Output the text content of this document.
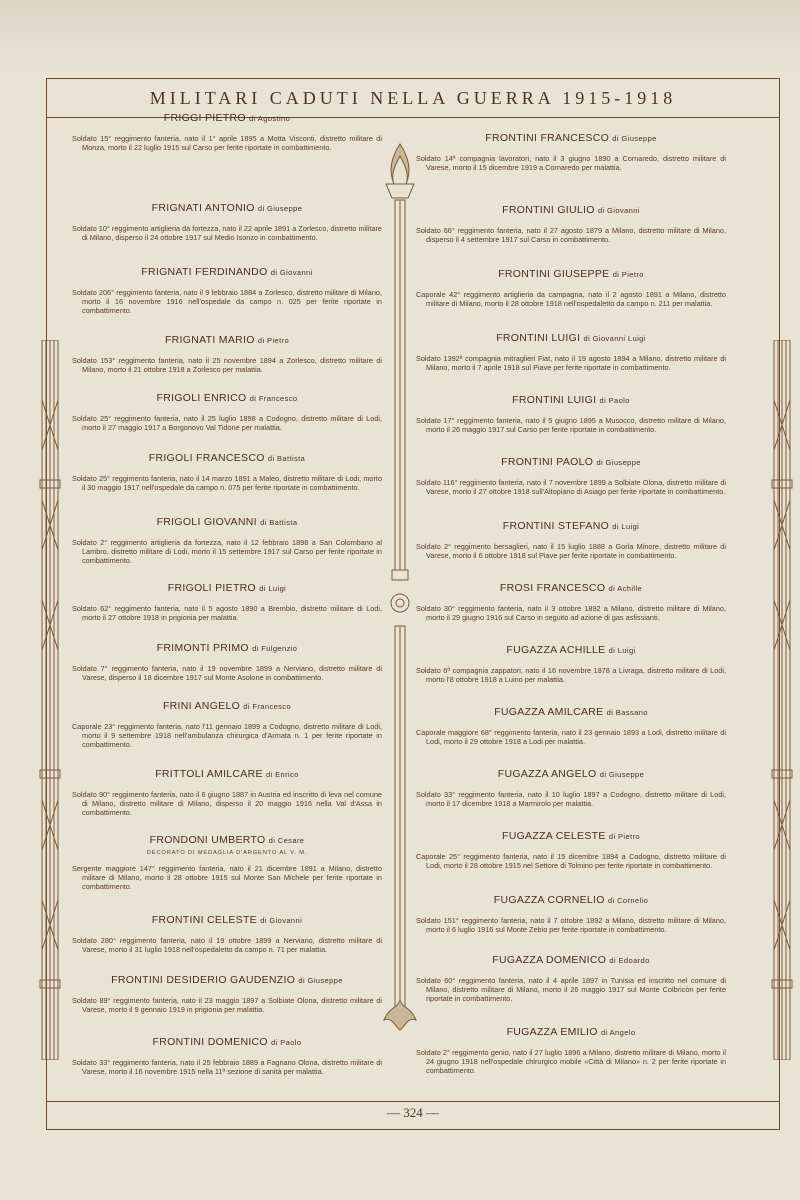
MILITARI CADUTI NELLA GUERRA 1915-1918
— 324 —

FRIGGI PIETRO di Agostino

Soldato 15° reggimento fanteria, nato il 1° aprile 1895 a Motta Visconti, distretto militare di Monza, morto il 22 luglio 1915 sul Carso per ferite riportate in combattimento.

FRIGNATI ANTONIO di Giuseppe

Soldato 10° reggimento artiglieria da fortezza, nato il 22 aprile 1891 a Zorlesco, distretto militare di Milano, disperso il 24 ottobre 1917 sul Medio Isonzo in combattimento.

FRIGNATI FERDINANDO di Giovanni

Soldato 206° reggimento fanteria, nato il 9 febbraio 1884 a Zorlesco, distretto militare di Milano, morto il 16 novembre 1916 nell'ospedale da campo n. 025 per ferite riportate in combattimento.

FRIGNATI MARIO di Pietro

Soldato 153° reggimento fanteria, nato il 25 novembre 1894 a Zorlesco, distretto militare di Milano, morto il 21 ottobre 1918 a Zorlesco per malattia.

FRIGOLI ENRICO di Francesco

Soldato 25° reggimento fanteria, nato il 25 luglio 1898 a Codogno, distretto militare di Lodi, morto il 27 maggio 1917 a Borgonovo Val Tidone per malattia.

FRIGOLI FRANCESCO di Battista

Soldato 25° reggimento fanteria, nato il 14 marzo 1891 a Maleo, distretto militare di Lodi, morto il 30 maggio 1917 nell'ospedale da campo n. 075 per ferite riportate in combattimento.

FRIGOLI GIOVANNI di Battista

Soldato 2° reggimento artiglieria da fortezza, nato il 12 febbraio 1898 a San Colombano al Lambro, distretto militare di Lodi, morto il 15 settembre 1917 sul Carso per ferite riportate in combattimento.

FRIGOLI PIETRO di Luigi

Soldato 62° reggimento fanteria, nato il 5 agosto 1890 a Brembio, distretto militare di Lodi, morto il 27 ottobre 1918 in prigionia per malattia.

FRIMONTI PRIMO di Fulgenzio

Soldato 7° reggimento fanteria, nato il 19 novembre 1899 a Nerviano, distretto militare di Varese, disperso il 18 dicembre 1917 sul Monte Asolone in combattimento.

FRINI ANGELO di Francesco

Caporale 23° reggimento fanteria, nato l'11 gennaio 1899 a Codogno, distretto militare di Lodi, morto il 9 settembre 1918 nell'ambulanza chirurgica d'Armata n. 1 per ferite riportate in combattimento.

FRITTOLI AMILCARE di Enrico

Soldato 90° reggimento fanteria, nato il 6 giugno 1887 in Austria ed inscritto di leva nel comune di Milano, distretto militare di Milano, disperso il 20 maggio 1916 nella Val d'Assa in combattimento.

FRONDONI UMBERTO di Cesare

DECORATO DI MEDAGLIA D'ARGENTO AL V. M.

Sergente maggiore 147° reggimento fanteria, nato il 21 dicembre 1891 a Milano, distretto militare di Milano, morto il 28 ottobre 1915 sul Monte San Michele per ferite riportate in combattimento.

FRONTINI CELESTE di Giovanni

Soldato 280° reggimento fanteria, nato il 19 ottobre 1899 a Nerviano, distretto militare di Varese, morto il 31 luglio 1918 nell'ospedaletto da campo n. 71 per malattia.

FRONTINI DESIDERIO GAUDENZIO di Giuseppe

Soldato 89° reggimento fanteria, nato il 23 maggio 1897 a Solbiate Olona, distretto militare di Varese, morto il 9 gennaio 1919 in prigionia per malattia.

FRONTINI DOMENICO di Paolo

Soldato 33° reggimento fanteria, nato il 25 febbraio 1889 a Fagnano Olona, distretto militare di Varese, morto il 16 novembre 1915 nella 11ª sezione di sanità per malattia.

FRONTINI FRANCESCO di Giuseppe

Soldato 14ª compagnia lavoratori, nato il 3 giugno 1890 a Cornaredo, distretto militare di Varese, morto il 15 dicembre 1919 a Cornaredo per malattia.

FRONTINI GIULIO di Giovanni

Soldato 66° reggimento fanteria, nato il 27 agosto 1879 a Milano, distretto militare di Milano, disperso il 4 settembre 1917 sul Carso in combattimento.

FRONTINI GIUSEPPE di Pietro

Caporale 42° reggimento artiglieria da campagna, nato il 2 agosto 1891 a Milano, distretto militare di Milano, morto il 28 ottobre 1918 nell'ospedaletto da campo n. 211 per malattia.

FRONTINI LUIGI di Giovanni Luigi

Soldato 1392ª compagnia mitraglieri Fiat, nato il 19 agosto 1894 a Milano, distretto militare di Milano, morto il 7 aprile 1918 sul Piave per ferite riportate in combattimento.

FRONTINI LUIGI di Paolo

Soldato 17° reggimento fanteria, nato il 5 giugno 1895 a Musocco, distretto militare di Milano, morto il 26 maggio 1917 sul Carso per ferite riportate in combattimento.

FRONTINI PAOLO di Giuseppe

Soldato 116° reggimento fanteria, nato il 7 novembre 1899 a Solbiate Olona, distretto militare di Varese, morto il 27 ottobre 1918 sull'Altopiano di Asiago per ferite riportate in combattimento.

FRONTINI STEFANO di Luigi

Soldato 2° reggimento bersaglieri, nato il 15 luglio 1888 a Gorla Minore, distretto militare di Varese, morto il 6 ottobre 1918 sul Piave per ferite riportate in combattimento.

FROSI FRANCESCO di Achille

Soldato 30° reggimento fanteria, nato il 3 ottobre 1892 a Milano, distretto militare di Milano, morto il 29 giugno 1916 sul Carso in seguito ad azione di gas asfissianti.

FUGAZZA ACHILLE di Luigi

Soldato 6ª compagnia zappatori, nato il 16 novembre 1878 a Livraga, distretto militare di Lodi, morto l'8 ottobre 1918 a Luino per malattia.

FUGAZZA AMILCARE di Bassano

Caporale maggiore 68° reggimento fanteria, nato il 23 gennaio 1893 a Lodi, distretto militare di Lodi, morto il 29 ottobre 1918 a Lodi per malattia.

FUGAZZA ANGELO di Giuseppe

Soldato 33° reggimento fanteria, nato il 10 luglio 1897 a Codogno, distretto militare di Lodi, morto il 17 dicembre 1918 a Marmirolo per malattia.

FUGAZZA CELESTE di Pietro

Caporale 25° reggimento fanteria, nato il 15 dicembre 1894 a Codogno, distretto militare di Lodi, morto il 28 ottobre 1915 nel Settore di Tolmino per ferite riportate in combattimento.

FUGAZZA CORNELIO di Cornelio

Soldato 151° reggimento fanteria, nato il 7 ottobre 1892 a Milano, distretto militare di Milano, morto il 6 luglio 1916 sul Monte Zebio per ferite riportate in combattimento.

FUGAZZA DOMENICO di Edoardo

Soldato 60° reggimento fanteria, nato il 4 aprile 1897 in Tunisia ed inscritto nel comune di Milano, distretto militare di Milano, morto il 26 maggio 1917 sul Monte Colbricòn per ferite riportate in combattimento.

FUGAZZA EMILIO di Angelo

Soldato 2° reggimento genio, nato il 27 luglio 1896 a Milano, distretto militare di Milano, morto il 24 giugno 1918 nell'ospedale chirurgico mobile «Città di Milano» n. 2 per ferite riportate in combattimento.
